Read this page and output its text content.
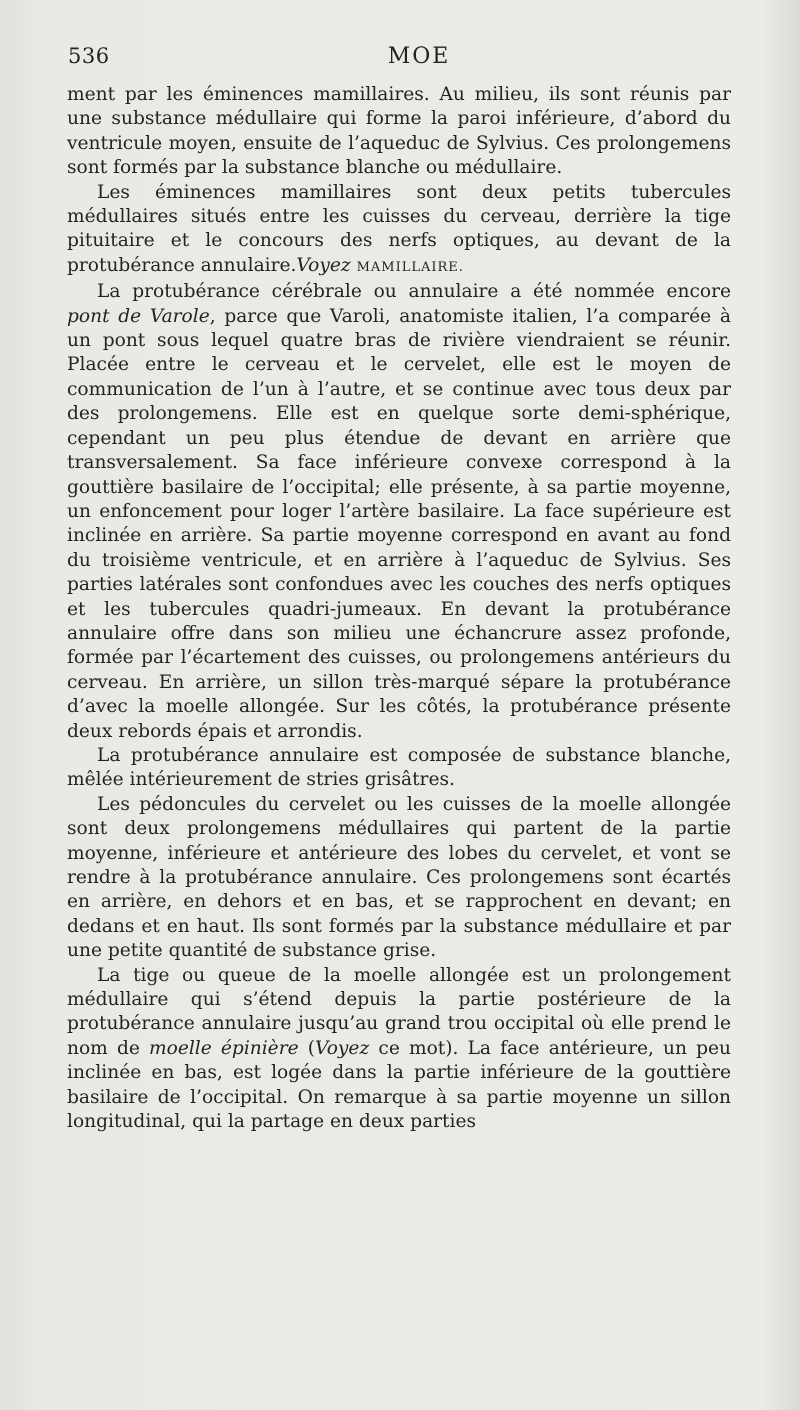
536	MOE

ment par les éminences mamillaires. Au milieu, ils sont réunis par une substance médullaire qui forme la paroi inférieure, d’abord du ventricule moyen, ensuite de l’aqueduc de Sylvius. Ces prolongemens sont formés par la substance blanche ou médullaire.

Les éminences mamillaires sont deux petits tubercules médullaires situés entre les cuisses du cerveau, derrière la tige pituitaire et le concours des nerfs optiques, au devant de la protubérance annulaire.Voyez MAMILLAIRE.

La protubérance cérébrale ou annulaire a été nommée encore pont de Varole, parce que Varoli, anatomiste italien, l’a comparée à un pont sous lequel quatre bras de rivière viendraient se réunir. Placée entre le cerveau et le cervelet, elle est le moyen de communication de l’un à l’autre, et se continue avec tous deux par des prolongemens. Elle est en quelque sorte demi-sphérique, cependant un peu plus étendue de devant en arrière que transversalement. Sa face inférieure convexe correspond à la gouttière basilaire de l’occipital; elle présente, à sa partie moyenne, un enfoncement pour loger l’artère basilaire. La face supérieure est inclinée en arrière. Sa partie moyenne correspond en avant au fond du troisième ventricule, et en arrière à l’aqueduc de Sylvius. Ses parties latérales sont confondues avec les couches des nerfs optiques et les tubercules quadri-jumeaux. En devant la protubérance annulaire offre dans son milieu une échancrure assez profonde, formée par l’écartement des cuisses, ou prolongemens antérieurs du cerveau. En arrière, un sillon très-marqué sépare la protubérance d’avec la moelle allongée. Sur les côtés, la protubérance présente deux rebords épais et arrondis.

La protubérance annulaire est composée de substance blanche, mêlée intérieurement de stries grisâtres.

Les pédoncules du cervelet ou les cuisses de la moelle allongée sont deux prolongemens médullaires qui partent de la partie moyenne, inférieure et antérieure des lobes du cervelet, et vont se rendre à la protubérance annulaire. Ces prolongemens sont écartés en arrière, en dehors et en bas, et se rapprochent en devant; en dedans et en haut. Ils sont formés par la substance médullaire et par une petite quantité de substance grise.

La tige ou queue de la moelle allongée est un prolongement médullaire qui s’étend depuis la partie postérieure de la protubérance annulaire jusqu’au grand trou occipital où elle prend le nom de moelle épinière (Voyez ce mot). La face antérieure, un peu inclinée en bas, est logée dans la partie inférieure de la gouttière basilaire de l’occipital. On remarque à sa partie moyenne un sillon longitudinal, qui la partage en deux parties
